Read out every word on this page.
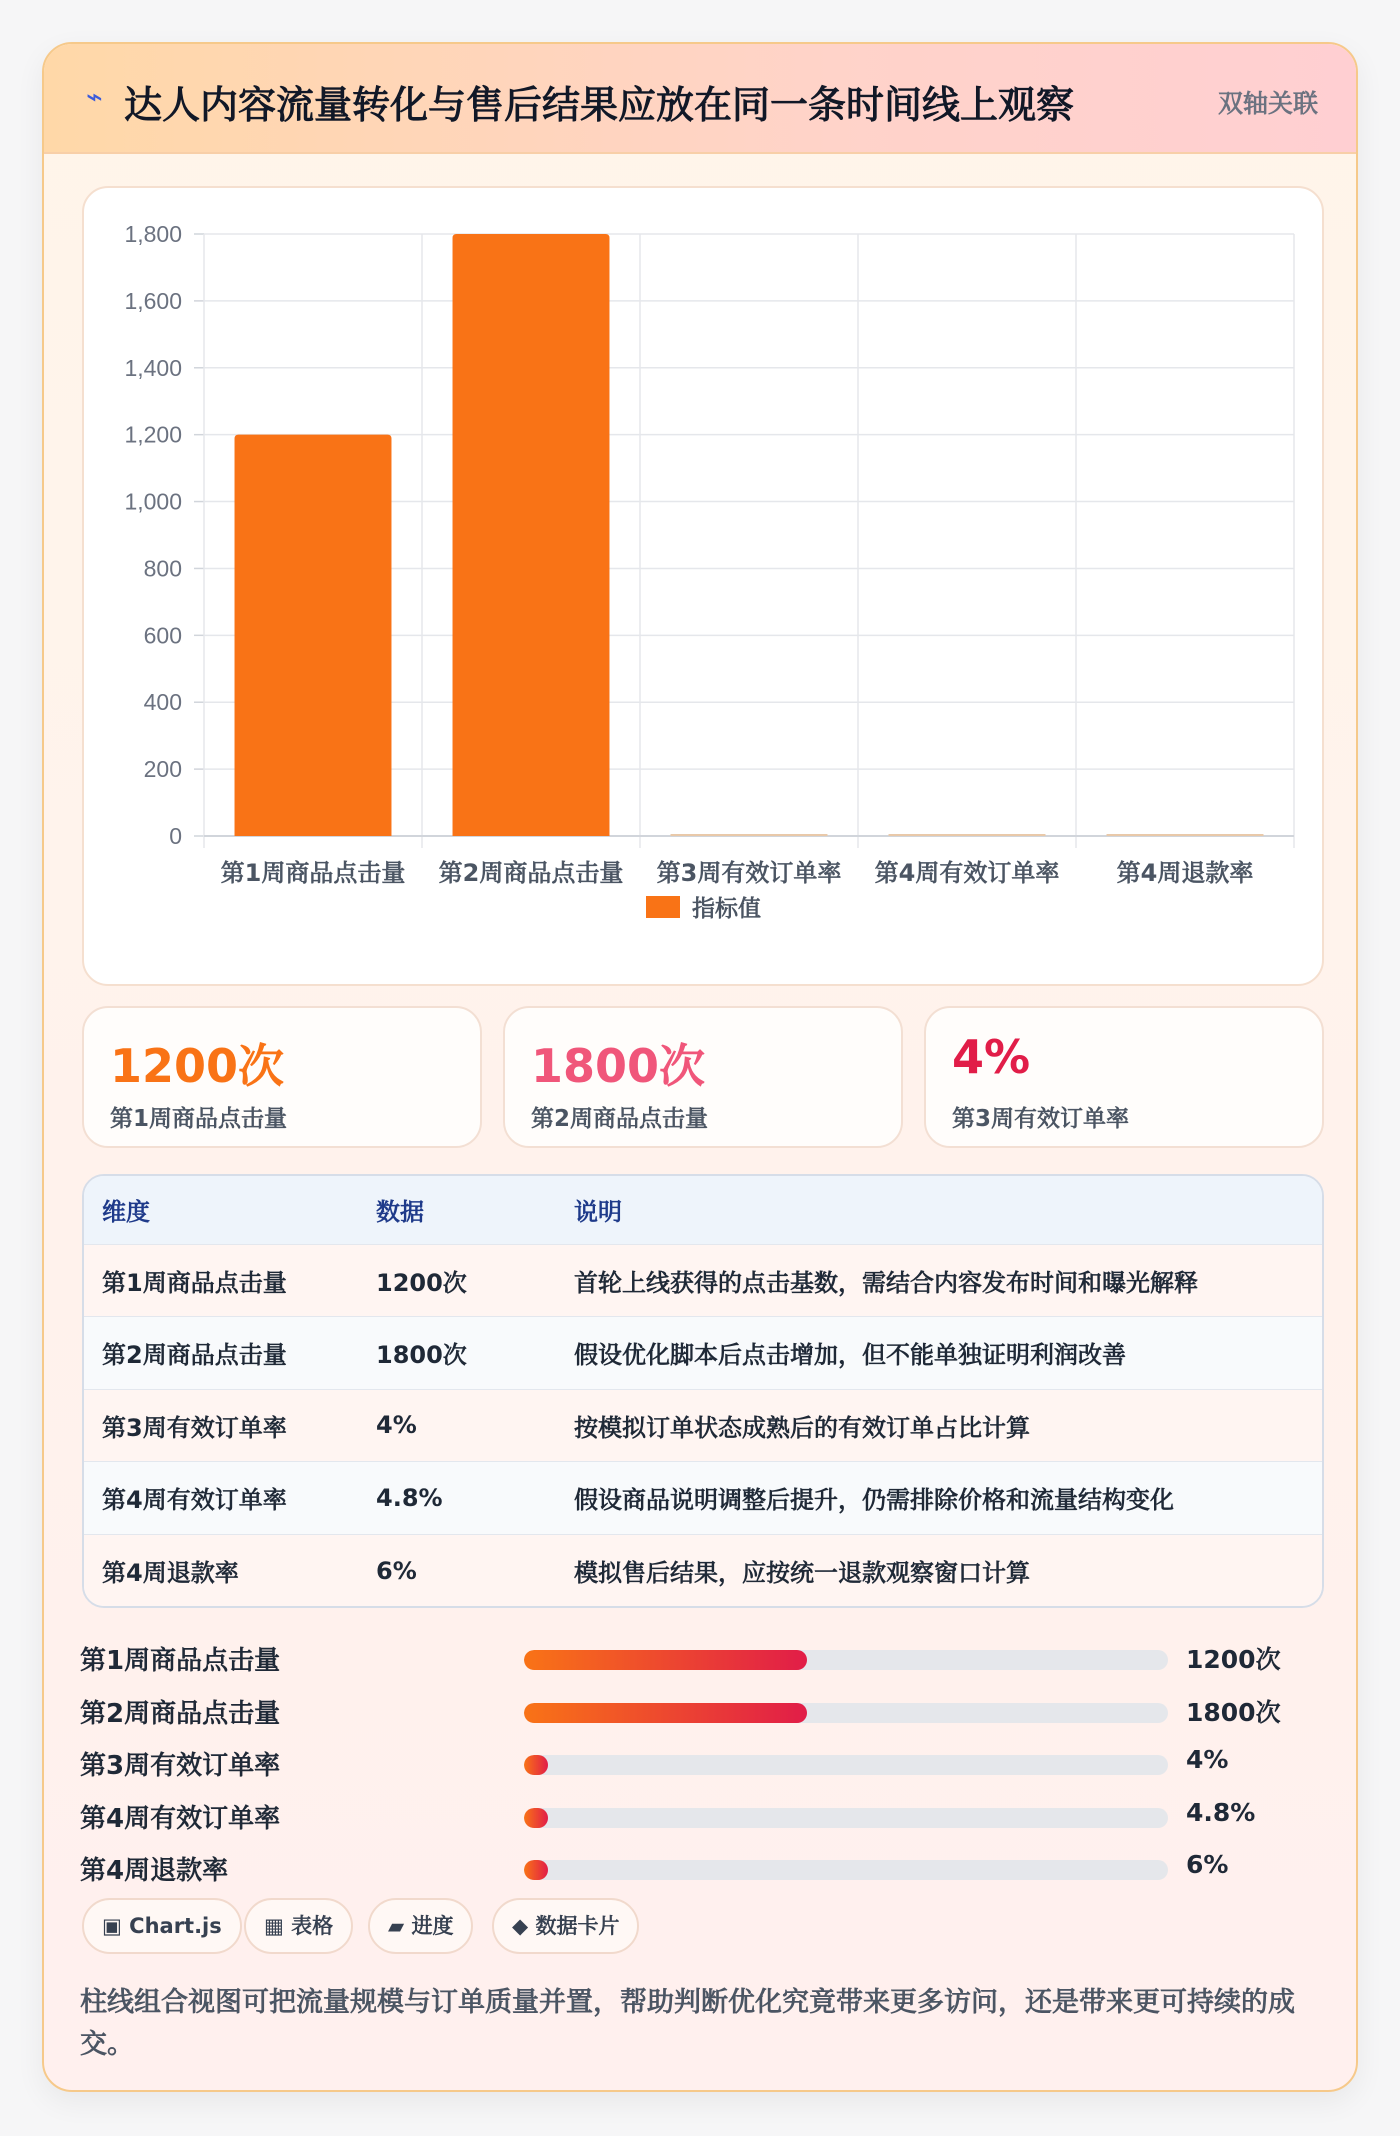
⌁ 达人内容流量转化与售后结果应放在同一条时间线上观察	双轴关联
0
200
400
600
800
1,000
1,200
1,400
1,600
1,800
第1周商品点击量 第2周商品点击量 第3周有效订单率 第4周有效订单率 第4周退款率
指标值
1200次
第1周商品点击量
1800次
第2周商品点击量
4%
第3周有效订单率
维度	数据	说明
第1周商品点击量	1200次	首轮上线获得的点击基数，需结合内容发布时间和曝光解释
第2周商品点击量	1800次	假设优化脚本后点击增加，但不能单独证明利润改善
第3周有效订单率	4%	按模拟订单状态成熟后的有效订单占比计算
第4周有效订单率	4.8%	假设商品说明调整后提升，仍需排除价格和流量结构变化
第4周退款率	6%	模拟售后结果，应按统一退款观察窗口计算
第1周商品点击量	1200次
第2周商品点击量	1800次
第3周有效订单率	4%
第4周有效订单率	4.8%
第4周退款率	6%
▣ Chart.js	▦ 表格	▰ 进度	◆ 数据卡片
柱线组合视图可把流量规模与订单质量并置，帮助判断优化究竟带来更多访问，还是带来更可持续的成交。
